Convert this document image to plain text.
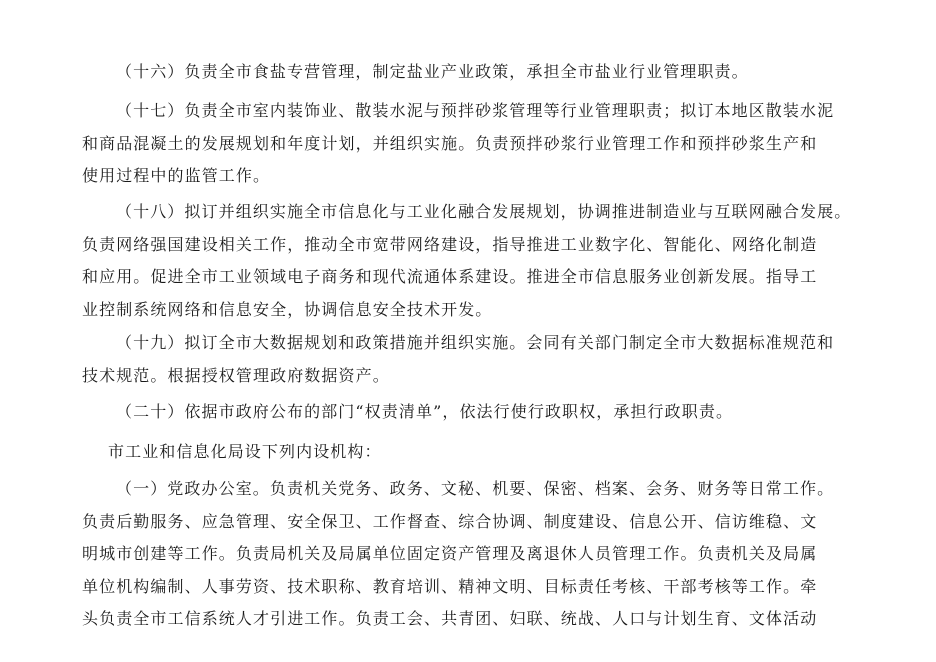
（十六）负责全市食盐专营管理，制定盐业产业政策，承担全市盐业行业管理职责。
（十七）负责全市室内装饰业、散装水泥与预拌砂浆管理等行业管理职责；拟订本地区散装水泥
和商品混凝土的发展规划和年度计划，并组织实施。负责预拌砂浆行业管理工作和预拌砂浆生产和
使用过程中的监管工作。
（十八）拟订并组织实施全市信息化与工业化融合发展规划，协调推进制造业与互联网融合发展。
负责网络强国建设相关工作，推动全市宽带网络建设，指导推进工业数字化、智能化、网络化制造
和应用。促进全市工业领域电子商务和现代流通体系建设。推进全市信息服务业创新发展。指导工
业控制系统网络和信息安全，协调信息安全技术开发。
（十九）拟订全市大数据规划和政策措施并组织实施。会同有关部门制定全市大数据标准规范和
技术规范。根据授权管理政府数据资产。
（二十）依据市政府公布的部门“权责清单”，依法行使行政职权，承担行政职责。
市工业和信息化局设下列内设机构：
（一）党政办公室。负责机关党务、政务、文秘、机要、保密、档案、会务、财务等日常工作。
负责后勤服务、应急管理、安全保卫、工作督查、综合协调、制度建设、信息公开、信访维稳、文
明城市创建等工作。负责局机关及局属单位固定资产管理及离退休人员管理工作。负责机关及局属
单位机构编制、人事劳资、技术职称、教育培训、精神文明、目标责任考核、干部考核等工作。牵
头负责全市工信系统人才引进工作。负责工会、共青团、妇联、统战、人口与计划生育、文体活动
